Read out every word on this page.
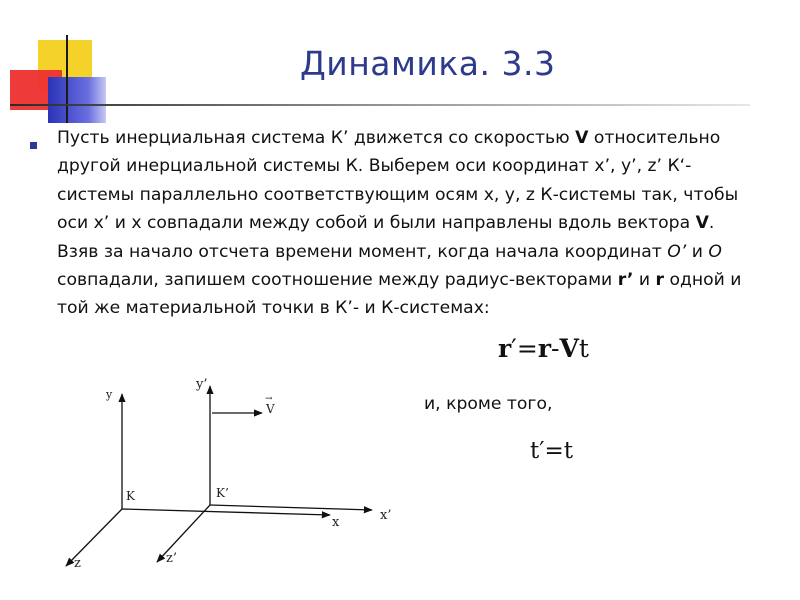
Динамика. 3.3
Пусть инерциальная система К’ движется со скоростью V относительно другой инерциальной системы К. Выберем оси координат x’, y’, z’ К‘-системы параллельно соответствующим осям x, y, z К-системы так, чтобы оси x’ и x совпадали между собой и были направлены вдоль вектора V. Взяв за начало отсчета времени момент, когда начала координат O’ и O совпадали, запишем соотношение между радиус-векторами r’ и r одной и той же материальной точки в К’- и К-системах:
r′=r-Vt
и, кроме того,
t′=t
y
y’
K	K’
x	x’
z	z’
V
→
